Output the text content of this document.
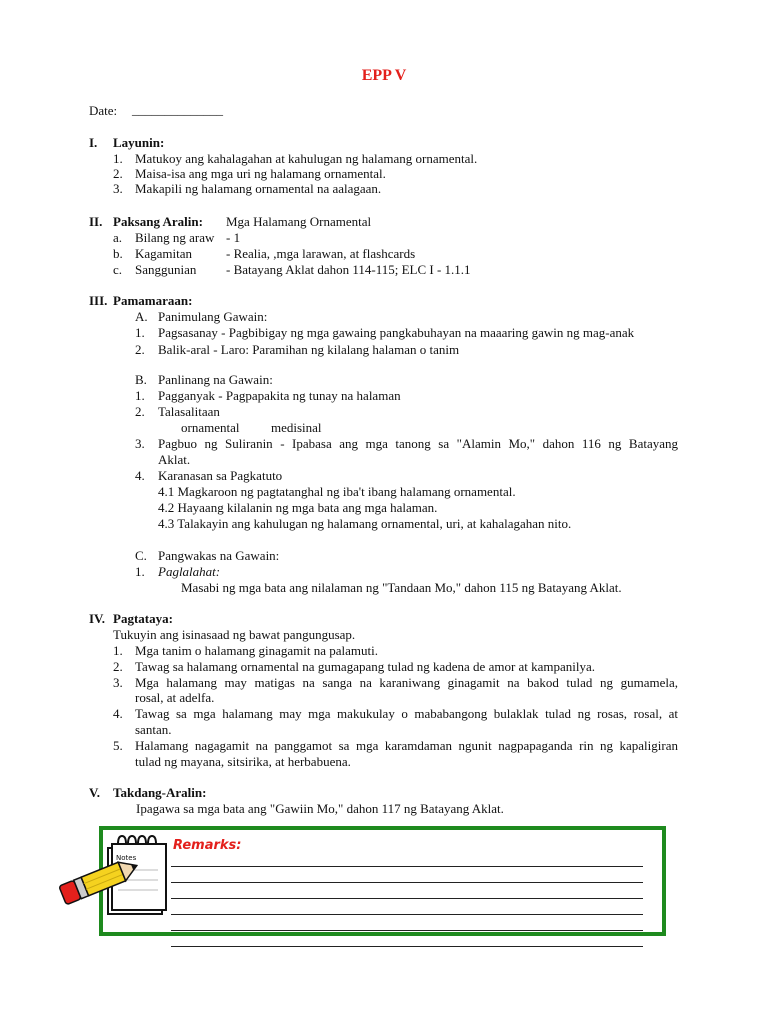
EPP V
Date: ______________
I. Layunin:
1. Matukoy ang kahalagahan at kahulugan ng halamang ornamental.
2. Maisa-isa ang mga uri ng halamang ornamental.
3. Makapili ng halamang ornamental na aalagaan.
II. Paksang Aralin: Mga Halamang Ornamental
a. Bilang ng araw - 1
b. Kagamitan	- Realia, ,mga larawan, at flashcards
c. Sanggunian - Batayang Aklat dahon 114-115; ELC I - 1.1.1
III. Pamamaraan:
A. Panimulang Gawain:
1. Pagsasanay - Pagbibigay ng mga gawaing pangkabuhayan na maaaring gawin ng mag-anak
2. Balik-aral - Laro: Paramihan ng kilalang halaman o tanim
B. Panlinang na Gawain:
1. Pagganyak - Pagpapakita ng tunay na halaman
2. Talasalitaan
ornamental medisinal
3. Pagbuo ng Suliranin - Ipabasa ang mga tanong sa "Alamin Mo," dahon 116 ng Batayang
Aklat.
4. Karanasan sa Pagkatuto
4.1 Magkaroon ng pagtatanghal ng iba't ibang halamang ornamental.
4.2 Hayaang kilalanin ng mga bata ang mga halaman.
4.3 Talakayin ang kahulugan ng halamang ornamental, uri, at kahalagahan nito.
C. Pangwakas na Gawain:
1. Paglalahat:
Masabi ng mga bata ang nilalaman ng "Tandaan Mo," dahon 115 ng Batayang Aklat.
IV. Pagtataya:
Tukuyin ang isinasaad ng bawat pangungusap.
1. Mga tanim o halamang ginagamit na palamuti.
2. Tawag sa halamang ornamental na gumagapang tulad ng kadena de amor at kampanilya.
3. Mga halamang may matigas na sanga na karaniwang ginagamit na bakod tulad ng gumamela,
rosal, at adelfa.
4. Tawag sa mga halamang may mga makukulay o mababangong bulaklak tulad ng rosas, rosal, at
santan.
5. Halamang nagagamit na panggamot sa mga karamdaman ngunit nagpapaganda rin ng kapaligiran
tulad ng mayana, sitsirika, at herbabuena.
V. Takdang-Aralin:
Ipagawa sa mga bata ang "Gawiin Mo," dahon 117 ng Batayang Aklat.
Notes
Remarks:
